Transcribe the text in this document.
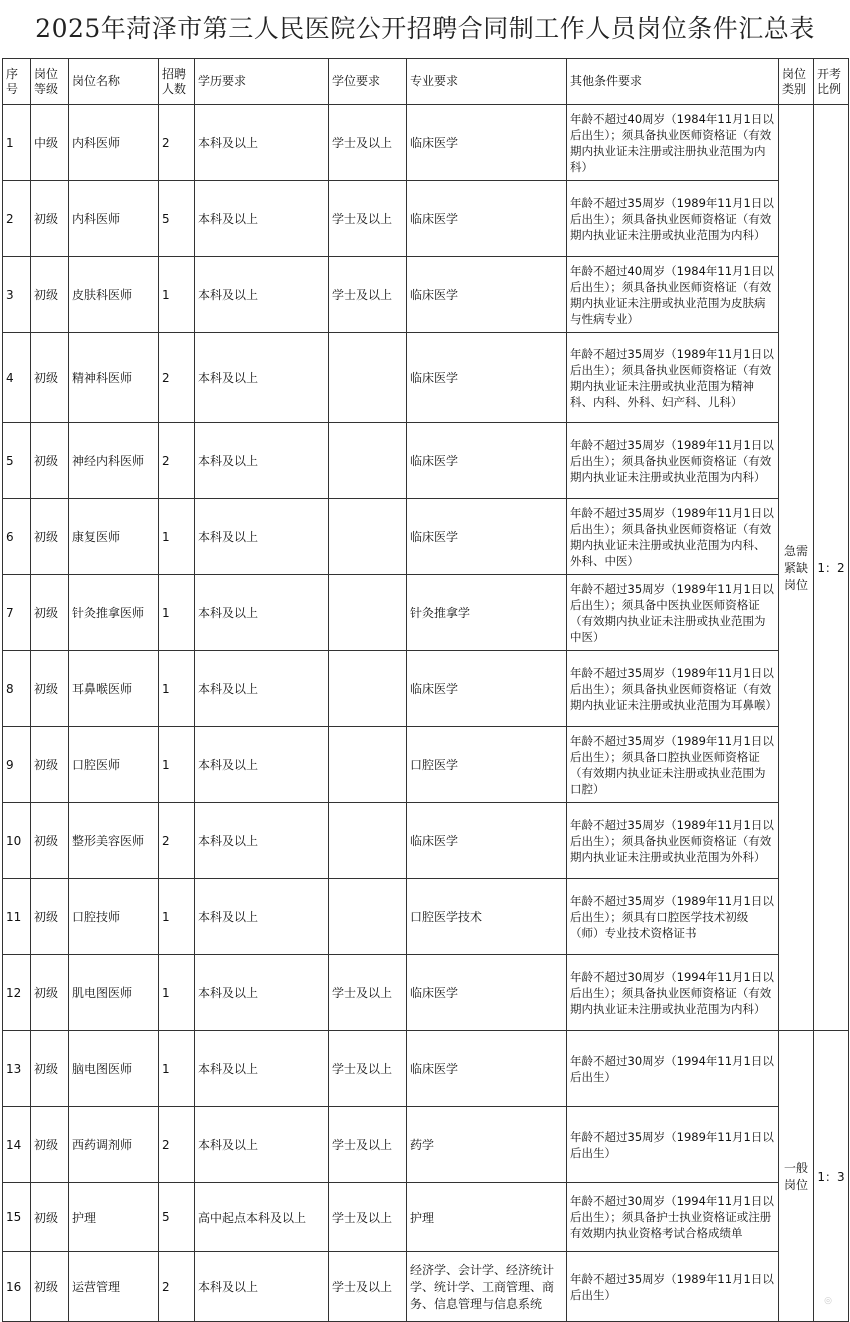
2025年菏泽市第三人民医院公开招聘合同制工作人员岗位条件汇总表
序号	岗位等级	岗位名称	招聘人数	学历要求	学位要求	专业要求	其他条件要求	岗位类别	开考比例
1	中级	内科医师	2	本科及以上	学士及以上	临床医学	年龄不超过40周岁（1984年11月1日以后出生）；须具备执业医师资格证（有效期内执业证未注册或注册执业范围为内科）	急需紧缺岗位	1：2
2	初级	内科医师	5	本科及以上	学士及以上	临床医学	年龄不超过35周岁（1989年11月1日以后出生）；须具备执业医师资格证（有效期内执业证未注册或执业范围为内科）		
3	初级	皮肤科医师	1	本科及以上	学士及以上	临床医学	年龄不超过40周岁（1984年11月1日以后出生）；须具备执业医师资格证（有效期内执业证未注册或执业范围为皮肤病与性病专业）		
4	初级	精神科医师	2	本科及以上		临床医学	年龄不超过35周岁（1989年11月1日以后出生）；须具备执业医师资格证（有效期内执业证未注册或执业范围为精神科、内科、外科、妇产科、儿科）		
5	初级	神经内科医师	2	本科及以上		临床医学	年龄不超过35周岁（1989年11月1日以后出生）；须具备执业医师资格证（有效期内执业证未注册或执业范围为内科）		
6	初级	康复医师	1	本科及以上		临床医学	年龄不超过35周岁（1989年11月1日以后出生）；须具备执业医师资格证（有效期内执业证未注册或执业范围为内科、外科、中医）		
7	初级	针灸推拿医师	1	本科及以上		针灸推拿学	年龄不超过35周岁（1989年11月1日以后出生）；须具备中医执业医师资格证（有效期内执业证未注册或执业范围为中医）		
8	初级	耳鼻喉医师	1	本科及以上		临床医学	年龄不超过35周岁（1989年11月1日以后出生）；须具备执业医师资格证（有效期内执业证未注册或执业范围为耳鼻喉）		
9	初级	口腔医师	1	本科及以上		口腔医学	年龄不超过35周岁（1989年11月1日以后出生）；须具备口腔执业医师资格证（有效期内执业证未注册或执业范围为口腔）		
10	初级	整形美容医师	2	本科及以上		临床医学	年龄不超过35周岁（1989年11月1日以后出生）；须具备执业医师资格证（有效期内执业证未注册或执业范围为外科）		
11	初级	口腔技师	1	本科及以上		口腔医学技术	年龄不超过35周岁（1989年11月1日以后出生）；须具有口腔医学技术初级（师）专业技术资格证书		
12	初级	肌电图医师	1	本科及以上	学士及以上	临床医学	年龄不超过30周岁（1994年11月1日以后出生）；须具备执业医师资格证（有效期内执业证未注册或执业范围为内科）		
13	初级	脑电图医师	1	本科及以上	学士及以上	临床医学	年龄不超过30周岁（1994年11月1日以后出生）	一般岗位	1：3
14	初级	西药调剂师	2	本科及以上	学士及以上	药学	年龄不超过35周岁（1989年11月1日以后出生）		
15	初级	护理	5	高中起点本科及以上	学士及以上	护理	年龄不超过30周岁（1994年11月1日以后出生）；须具备护士执业资格证或注册有效期内执业资格考试合格成绩单		
16	初级	运营管理	2	本科及以上	学士及以上	经济学、会计学、经济统计学、统计学、工商管理、商务、信息管理与信息系统	年龄不超过35周岁（1989年11月1日以后出生）			◎
